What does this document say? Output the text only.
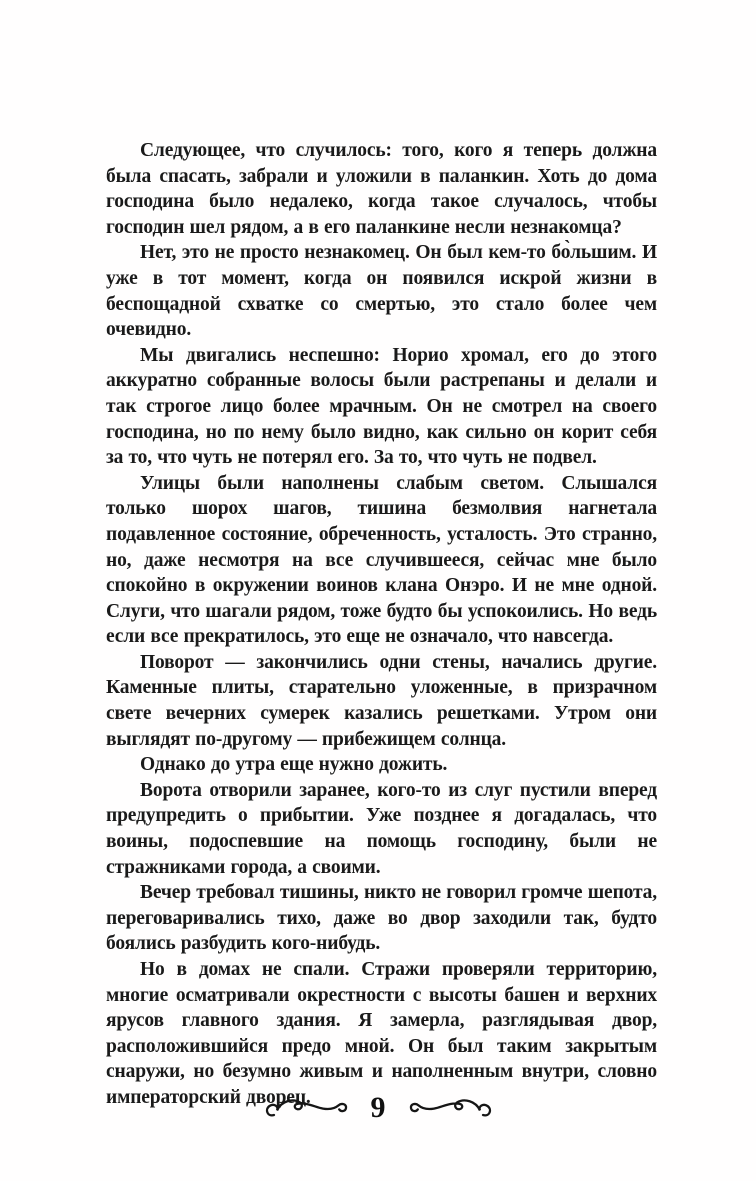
Следующее, что случилось: того, кого я теперь должна была спасать, забрали и уложили в паланкин. Хоть до дома господина было недалеко, когда такое случалось, чтобы господин шел рядом, а в его паланкине несли незнакомца?

Нет, это не просто незнакомец. Он был кем-то бо̀льшим. И уже в тот момент, когда он появился искрой жизни в беспощадной схватке со смертью, это стало более чем очевидно.

Мы двигались неспешно: Норио хромал, его до этого аккуратно собранные волосы были растрепаны и делали и так строгое лицо более мрачным. Он не смотрел на своего господина, но по нему было видно, как сильно он корит себя за то, что чуть не потерял его. За то, что чуть не подвел.

Улицы были наполнены слабым светом. Слышался только шорох шагов, тишина безмолвия нагнетала подавленное состояние, обреченность, усталость. Это странно, но, даже несмотря на все случившееся, сейчас мне было спокойно в окружении воинов клана Онэро. И не мне одной. Слуги, что шагали рядом, тоже будто бы успокоились. Но ведь если все прекратилось, это еще не означало, что навсегда.

Поворот — закончились одни стены, начались другие. Каменные плиты, старательно уложенные, в призрачном свете вечерних сумерек казались решетками. Утром они выглядят по-другому — прибежищем солнца.

Однако до утра еще нужно дожить.

Ворота отворили заранее, кого-то из слуг пустили вперед предупредить о прибытии. Уже позднее я догадалась, что воины, подоспевшие на помощь господину, были не стражниками города, а своими.

Вечер требовал тишины, никто не говорил громче шепота, переговаривались тихо, даже во двор заходили так, будто боялись разбудить кого-нибудь.

Но в домах не спали. Стражи проверяли территорию, многие осматривали окрестности с высоты башен и верхних ярусов главного здания. Я замерла, разглядывая двор, расположившийся предо мной. Он был таким закрытым снаружи, но безумно живым и наполненным внутри, словно императорский дворец.	9
